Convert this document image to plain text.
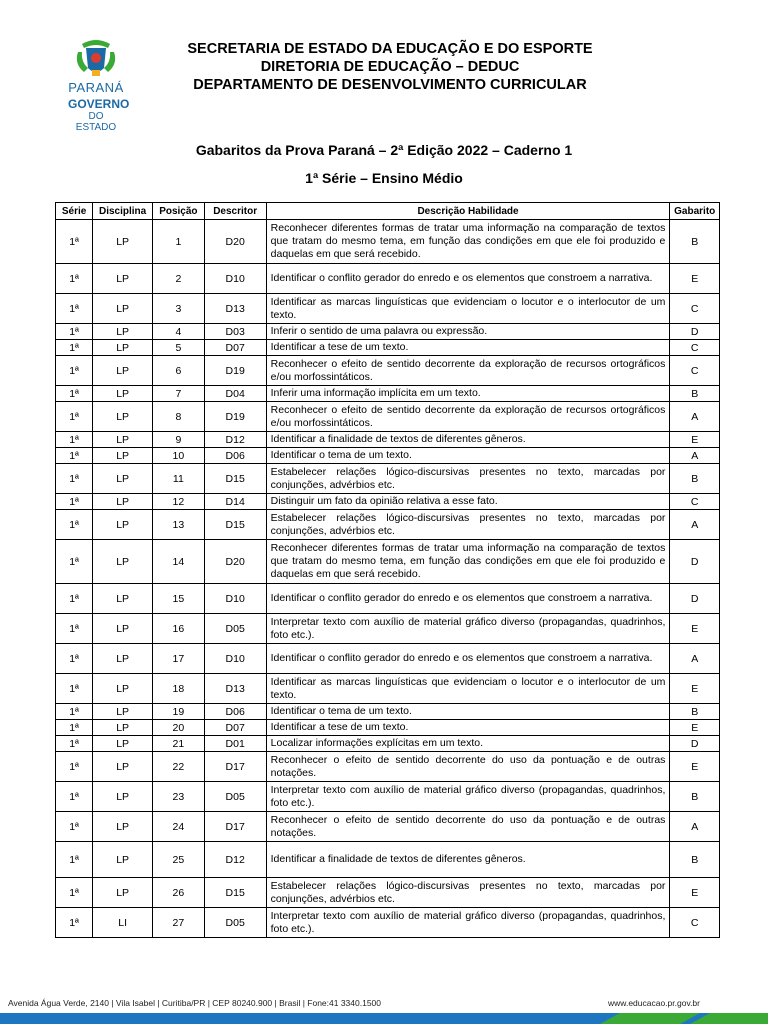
PARANÁ
GOVERNO
DO ESTADO
SECRETARIA DE ESTADO DA EDUCAÇÃO E DO ESPORTE
DIRETORIA DE EDUCAÇÃO – DEDUC
DEPARTAMENTO DE DESENVOLVIMENTO CURRICULAR
Gabaritos da Prova Paraná – 2ª Edição 2022 – Caderno 1
1ª Série – Ensino Médio
Série	Disciplina	Posição	Descritor	Descrição Habilidade	Gabarito
1ª	LP	1	D20	Reconhecer diferentes formas de tratar uma informação na comparação de textos que tratam do mesmo tema, em função das condições em que ele foi produzido e daquelas em que será recebido.	B
1ª	LP	2	D10	Identificar o conflito gerador do enredo e os elementos que constroem a narrativa.	E
1ª	LP	3	D13	Identificar as marcas linguísticas que evidenciam o locutor e o interlocutor de um texto.	C
1ª	LP	4	D03	Inferir o sentido de uma palavra ou expressão.	D
1ª	LP	5	D07	Identificar a tese de um texto.	C
1ª	LP	6	D19	Reconhecer o efeito de sentido decorrente da exploração de recursos ortográficos e/ou morfossintáticos.	C
1ª	LP	7	D04	Inferir uma informação implícita em um texto.	B
1ª	LP	8	D19	Reconhecer o efeito de sentido decorrente da exploração de recursos ortográficos e/ou morfossintáticos.	A
1ª	LP	9	D12	Identificar a finalidade de textos de diferentes gêneros.	E
1ª	LP	10	D06	Identificar o tema de um texto.	A
1ª	LP	11	D15	Estabelecer relações lógico-discursivas presentes no texto, marcadas por conjunções, advérbios etc.	B
1ª	LP	12	D14	Distinguir um fato da opinião relativa a esse fato.	C
1ª	LP	13	D15	Estabelecer relações lógico-discursivas presentes no texto, marcadas por conjunções, advérbios etc.	A
1ª	LP	14	D20	Reconhecer diferentes formas de tratar uma informação na comparação de textos que tratam do mesmo tema, em função das condições em que ele foi produzido e daquelas em que será recebido.	D
1ª	LP	15	D10	Identificar o conflito gerador do enredo e os elementos que constroem a narrativa.	D
1ª	LP	16	D05	Interpretar texto com auxílio de material gráfico diverso (propagandas, quadrinhos, foto etc.).	E
1ª	LP	17	D10	Identificar o conflito gerador do enredo e os elementos que constroem a narrativa.	A
1ª	LP	18	D13	Identificar as marcas linguísticas que evidenciam o locutor e o interlocutor de um texto.	E
1ª	LP	19	D06	Identificar o tema de um texto.	B
1ª	LP	20	D07	Identificar a tese de um texto.	E
1ª	LP	21	D01	Localizar informações explícitas em um texto.	D
1ª	LP	22	D17	Reconhecer o efeito de sentido decorrente do uso da pontuação e de outras notações.	E
1ª	LP	23	D05	Interpretar texto com auxílio de material gráfico diverso (propagandas, quadrinhos, foto etc.).	B
1ª	LP	24	D17	Reconhecer o efeito de sentido decorrente do uso da pontuação e de outras notações.	A
1ª	LP	25	D12	Identificar a finalidade de textos de diferentes gêneros.	B
1ª	LP	26	D15	Estabelecer relações lógico-discursivas presentes no texto, marcadas por conjunções, advérbios etc.	E
1ª	LI	27	D05	Interpretar texto com auxílio de material gráfico diverso (propagandas, quadrinhos, foto etc.).	C
Avenida Água Verde, 2140 | Vila Isabel | Curitiba/PR | CEP 80240.900 | Brasil | Fone:41 3340.1500	www.educacao.pr.gov.br
